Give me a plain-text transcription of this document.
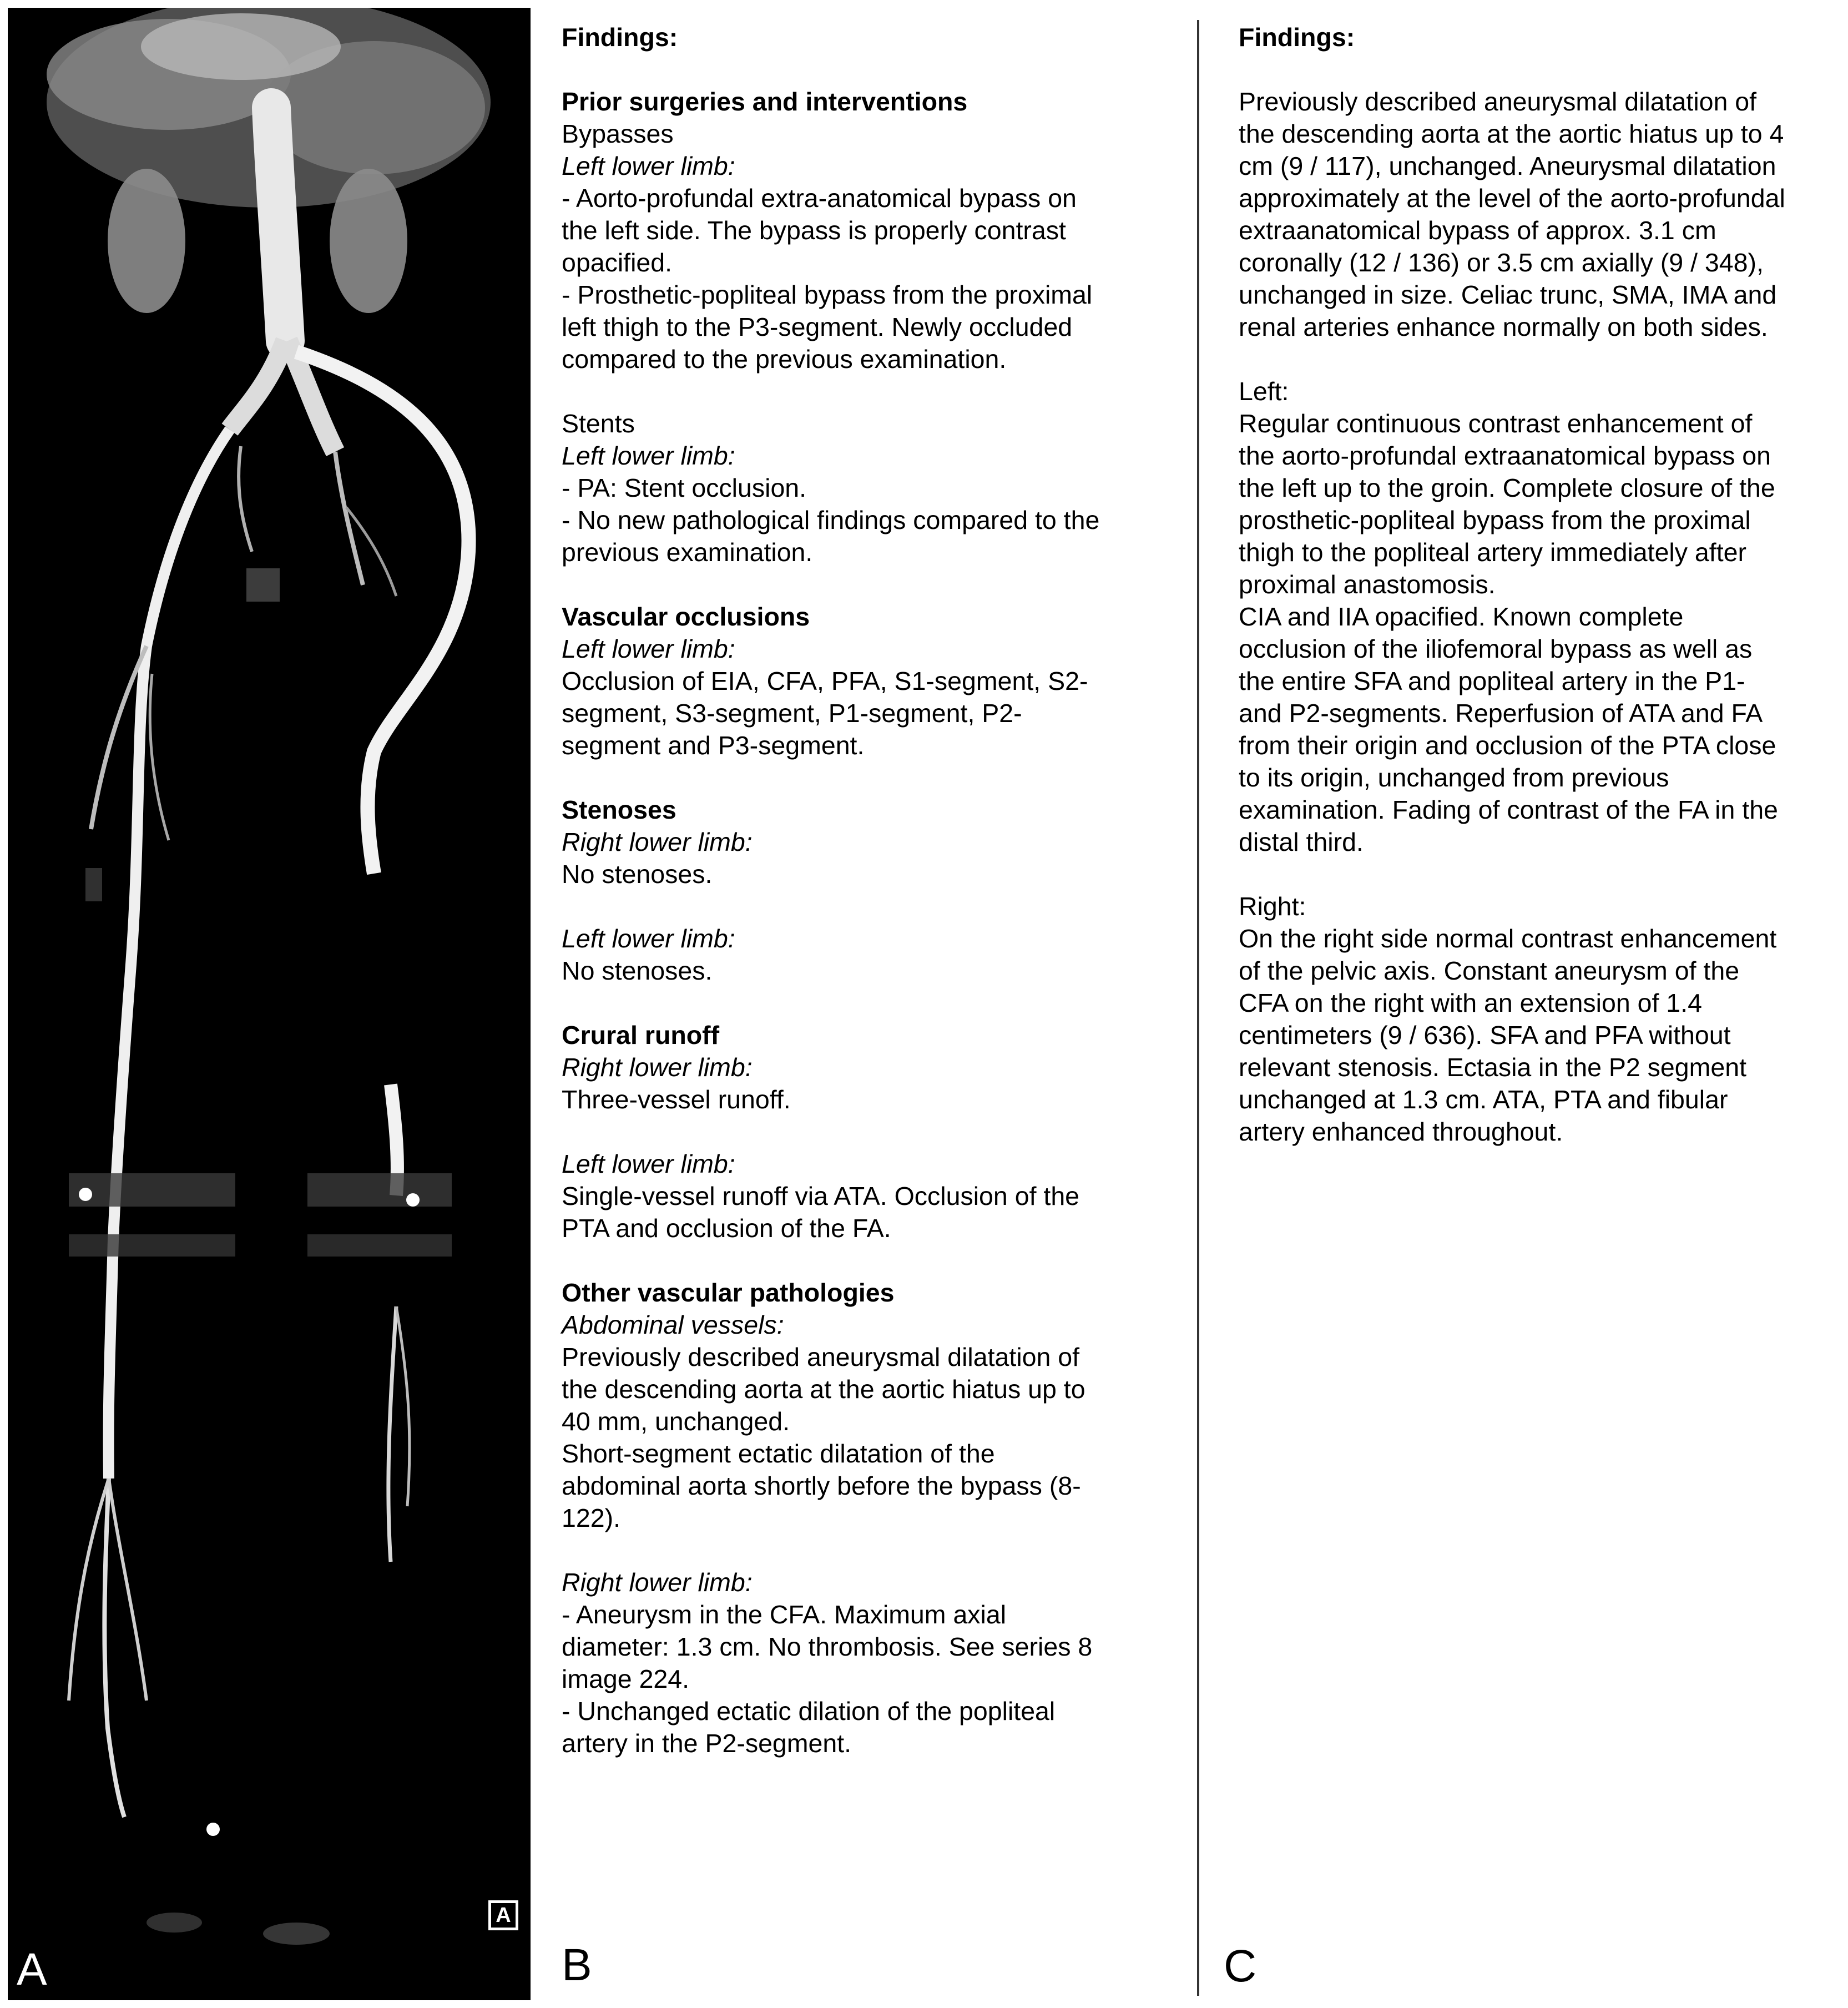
A
A	B	C

Findings:

Prior surgeries and interventions

Bypasses

Left lower limb:

- Aorto-profundal extra-anatomical bypass on
the left side. The bypass is properly contrast
opacified.

- Prosthetic-popliteal bypass from the proximal
left thigh to the P3-segment. Newly occluded
compared to the previous examination.

Stents

Left lower limb:

- PA: Stent occlusion.

- No new pathological findings compared to the
previous examination.

Vascular occlusions

Left lower limb:

Occlusion of EIA, CFA, PFA, S1-segment, S2-
segment, S3-segment, P1-segment, P2-
segment and P3-segment.

Stenoses

Right lower limb:

No stenoses.

Left lower limb:

No stenoses.

Crural runoff

Right lower limb:

Three-vessel runoff.

Left lower limb:

Single-vessel runoff via ATA. Occlusion of the
PTA and occlusion of the FA.

Other vascular pathologies

Abdominal vessels:

Previously described aneurysmal dilatation of
the descending aorta at the aortic hiatus up to
40 mm, unchanged.

Short-segment ectatic dilatation of the
abdominal aorta shortly before the bypass (8-
122).

Right lower limb:

- Aneurysm in the CFA. Maximum axial
diameter: 1.3 cm. No thrombosis. See series 8
image 224.

- Unchanged ectatic dilation of the popliteal
artery in the P2-segment.

Findings:

Previously described aneurysmal dilatation of
the descending aorta at the aortic hiatus up to 4
cm (9 / 117), unchanged. Aneurysmal dilatation
approximately at the level of the aorto-profundal
extraanatomical bypass of approx. 3.1 cm
coronally (12 / 136) or 3.5 cm axially (9 / 348),
unchanged in size. Celiac trunc, SMA, IMA and
renal arteries enhance normally on both sides.

Left:

Regular continuous contrast enhancement of
the aorto-profundal extraanatomical bypass on
the left up to the groin. Complete closure of the
prosthetic-popliteal bypass from the proximal
thigh to the popliteal artery immediately after
proximal anastomosis.

CIA and IIA opacified. Known complete
occlusion of the iliofemoral bypass as well as
the entire SFA and popliteal artery in the P1-
and P2-segments. Reperfusion of ATA and FA
from their origin and occlusion of the PTA close
to its origin, unchanged from previous
examination. Fading of contrast of the FA in the
distal third.

Right:

On the right side normal contrast enhancement
of the pelvic axis. Constant aneurysm of the
CFA on the right with an extension of 1.4
centimeters (9 / 636). SFA and PFA without
relevant stenosis. Ectasia in the P2 segment
unchanged at 1.3 cm. ATA, PTA and fibular
artery enhanced throughout.
